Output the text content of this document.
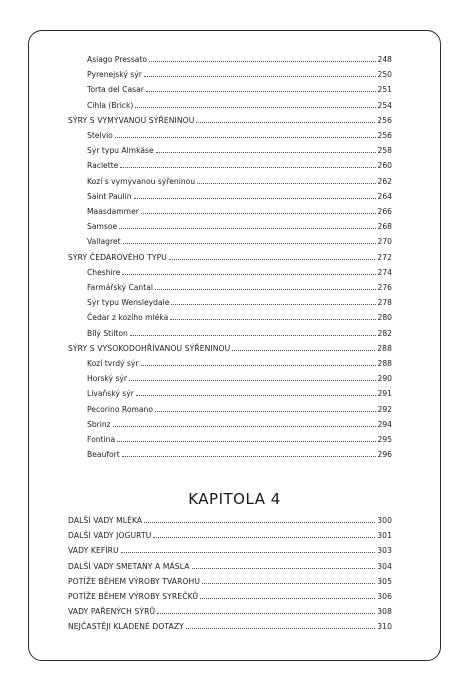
Asiago Pressato	248
Pyrenejský sýr	250
Torta del Casar	251
Cihla (Brick)	254
SÝRY S VYMÝVANOU SÝŘENINOU	256
Stelvio	256
Sýr typu Almkäse	258
Raclette	260
Kozí s vymývanou sýřeninou	262
Saint Paulin	264
Maasdammer	266
Samsoe	268
Vallagret	270
SÝRY ČEDAROVÉHO TYPU	272
Cheshire	274
Farmářský Cantal	276
Sýr typu Wensleydale	278
Čedar z kozího mléka	280
Bílý Stilton	282
SÝRY S VYSOKODOHŘÍVANOU SÝŘENINOU	288
Kozí tvrdý sýr	288
Horský sýr	290
Livaňský sýr	291
Pecorino Romano	292
Sbrinz	294
Fontina	295
Beaufort	296
KAPITOLA 4
DALŠÍ VADY MLÉKA	300
DALŠÍ VADY JOGURTU	301
VADY KEFÍRU	303
DALŠÍ VADY SMETANY A MÁSLA	304
POTÍŽE BĚHEM VÝROBY TVAROHU	305
POTÍŽE BĚHEM VÝROBY SYREČKŮ	306
VADY PAŘENÝCH SÝRŮ	308
NEJČASTĚJI KLADENÉ DOTAZY	310
